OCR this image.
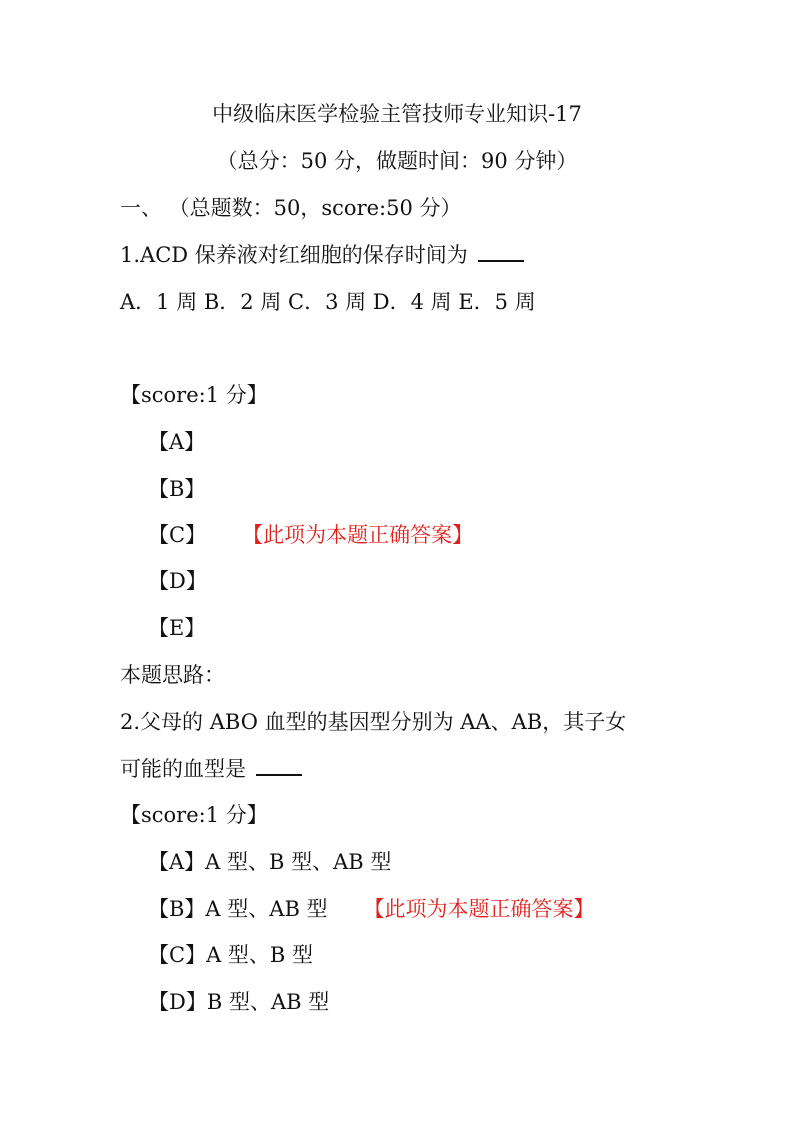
中级临床医学检验主管技师专业知识-17
（总分：50 分，做题时间：90 分钟）
一、 （总题数：50，score:50 分）
1.ACD 保养液对红细胞的保存时间为
A．1 周 B．2 周 C．3 周 D．4 周 E．5 周
【score:1 分】
【A】
【B】
【C】 【此项为本题正确答案】
【D】
【E】
本题思路：
2.父母的 ABO 血型的基因型分别为 AA、AB，其子女
可能的血型是
【score:1 分】
【A】A 型、B 型、AB 型
【B】A 型、AB 型 【此项为本题正确答案】
【C】A 型、B 型
【D】B 型、AB 型
